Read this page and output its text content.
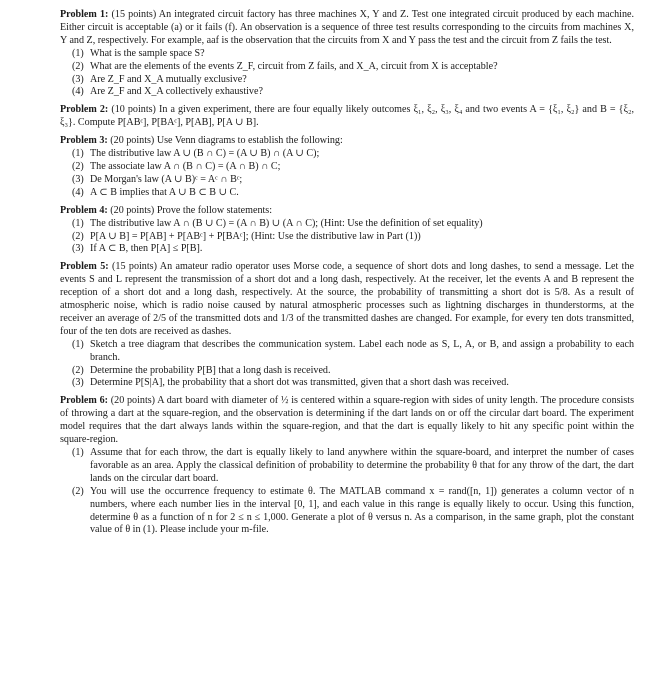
Problem 1: (15 points) An integrated circuit factory has three machines X, Y and Z. Test one integrated circuit produced by each machine. Either circuit is acceptable (a) or it fails (f). An observation is a sequence of three test results corresponding to the circuits from machines X, Y and Z, respectively. For example, aaf is the observation that the circuits from X and Y pass the test and the circuit from Z fails the test.

(1) What is the sample space S?
(2) What are the elements of the events Z_F, circuit from Z fails, and X_A, circuit from X is acceptable?
(3) Are Z_F and X_A mutually exclusive?
(4) Are Z_F and X_A collectively exhaustive?

Problem 2: (10 points) In a given experiment, there are four equally likely outcomes ξ₁, ξ₂, ξ₃, ξ₄ and two events A = {ξ₁, ξ₂} and B = {ξ₂, ξ₃}. Compute P[ABᶜ], P[BAᶜ], P[AB], P[A ∪ B].

Problem 3: (20 points) Use Venn diagrams to establish the following:

(1) The distributive law A ∪ (B ∩ C) = (A ∪ B) ∩ (A ∪ C);
(2) The associate law A ∩ (B ∩ C) = (A ∩ B) ∩ C;
(3) De Morgan's law (A ∪ B)ᶜ = Aᶜ ∩ Bᶜ;
(4) A ⊂ B implies that A ∪ B ⊂ B ∪ C.

Problem 4: (20 points) Prove the follow statements:

(1) The distributive law A ∩ (B ∪ C) = (A ∩ B) ∪ (A ∩ C); (Hint: Use the definition of set equality)
(2) P[A ∪ B] = P[AB] + P[ABᶜ] + P[BAᶜ]; (Hint: Use the distributive law in Part (1))
(3) If A ⊂ B, then P[A] ≤ P[B].

Problem 5: (15 points) An amateur radio operator uses Morse code, a sequence of short dots and long dashes, to send a message. Let the events S and L represent the transmission of a short dot and a long dash, respectively. At the receiver, let the events A and B represent the reception of a short dot and a long dash, respectively. At the source, the probability of transmitting a short dot is 5/8. As a result of atmospheric noise, which is radio noise caused by natural atmospheric processes such as lightning discharges in thunderstorms, at the receiver an average of 2/5 of the transmitted dots and 1/3 of the transmitted dashes are changed. For example, for every ten dots transmitted, four of the ten dots are received as dashes.

(1) Sketch a tree diagram that describes the communication system. Label each node as S, L, A, or B, and assign a probability to each branch.
(2) Determine the probability P[B] that a long dash is received.
(3) Determine P[S|A], the probability that a short dot was transmitted, given that a short dash was received.

Problem 6: (20 points) A dart board with diameter of ½ is centered within a square-region with sides of unity length. The procedure consists of throwing a dart at the square-region, and the observation is determining if the dart lands on or off the circular dart board. The experiment model requires that the dart always lands within the square-region, and that the dart is equally likely to hit any specific point within the square-region.

(1) Assume that for each throw, the dart is equally likely to land anywhere within the square-board, and interpret the number of cases favorable as an area. Apply the classical definition of probability to determine the probability θ that for any throw of the dart, the dart lands on the circular dart board.
(2) You will use the occurrence frequency to estimate θ. The MATLAB command x = rand([n, 1]) generates a column vector of n numbers, where each number lies in the interval [0, 1], and each value in this range is equally likely to occur. Using this function, determine θ as a function of n for 2 ≤ n ≤ 1,000. Generate a plot of θ versus n. As a comparison, in the same graph, plot the constant value of θ in (1). Please include your m-file.
